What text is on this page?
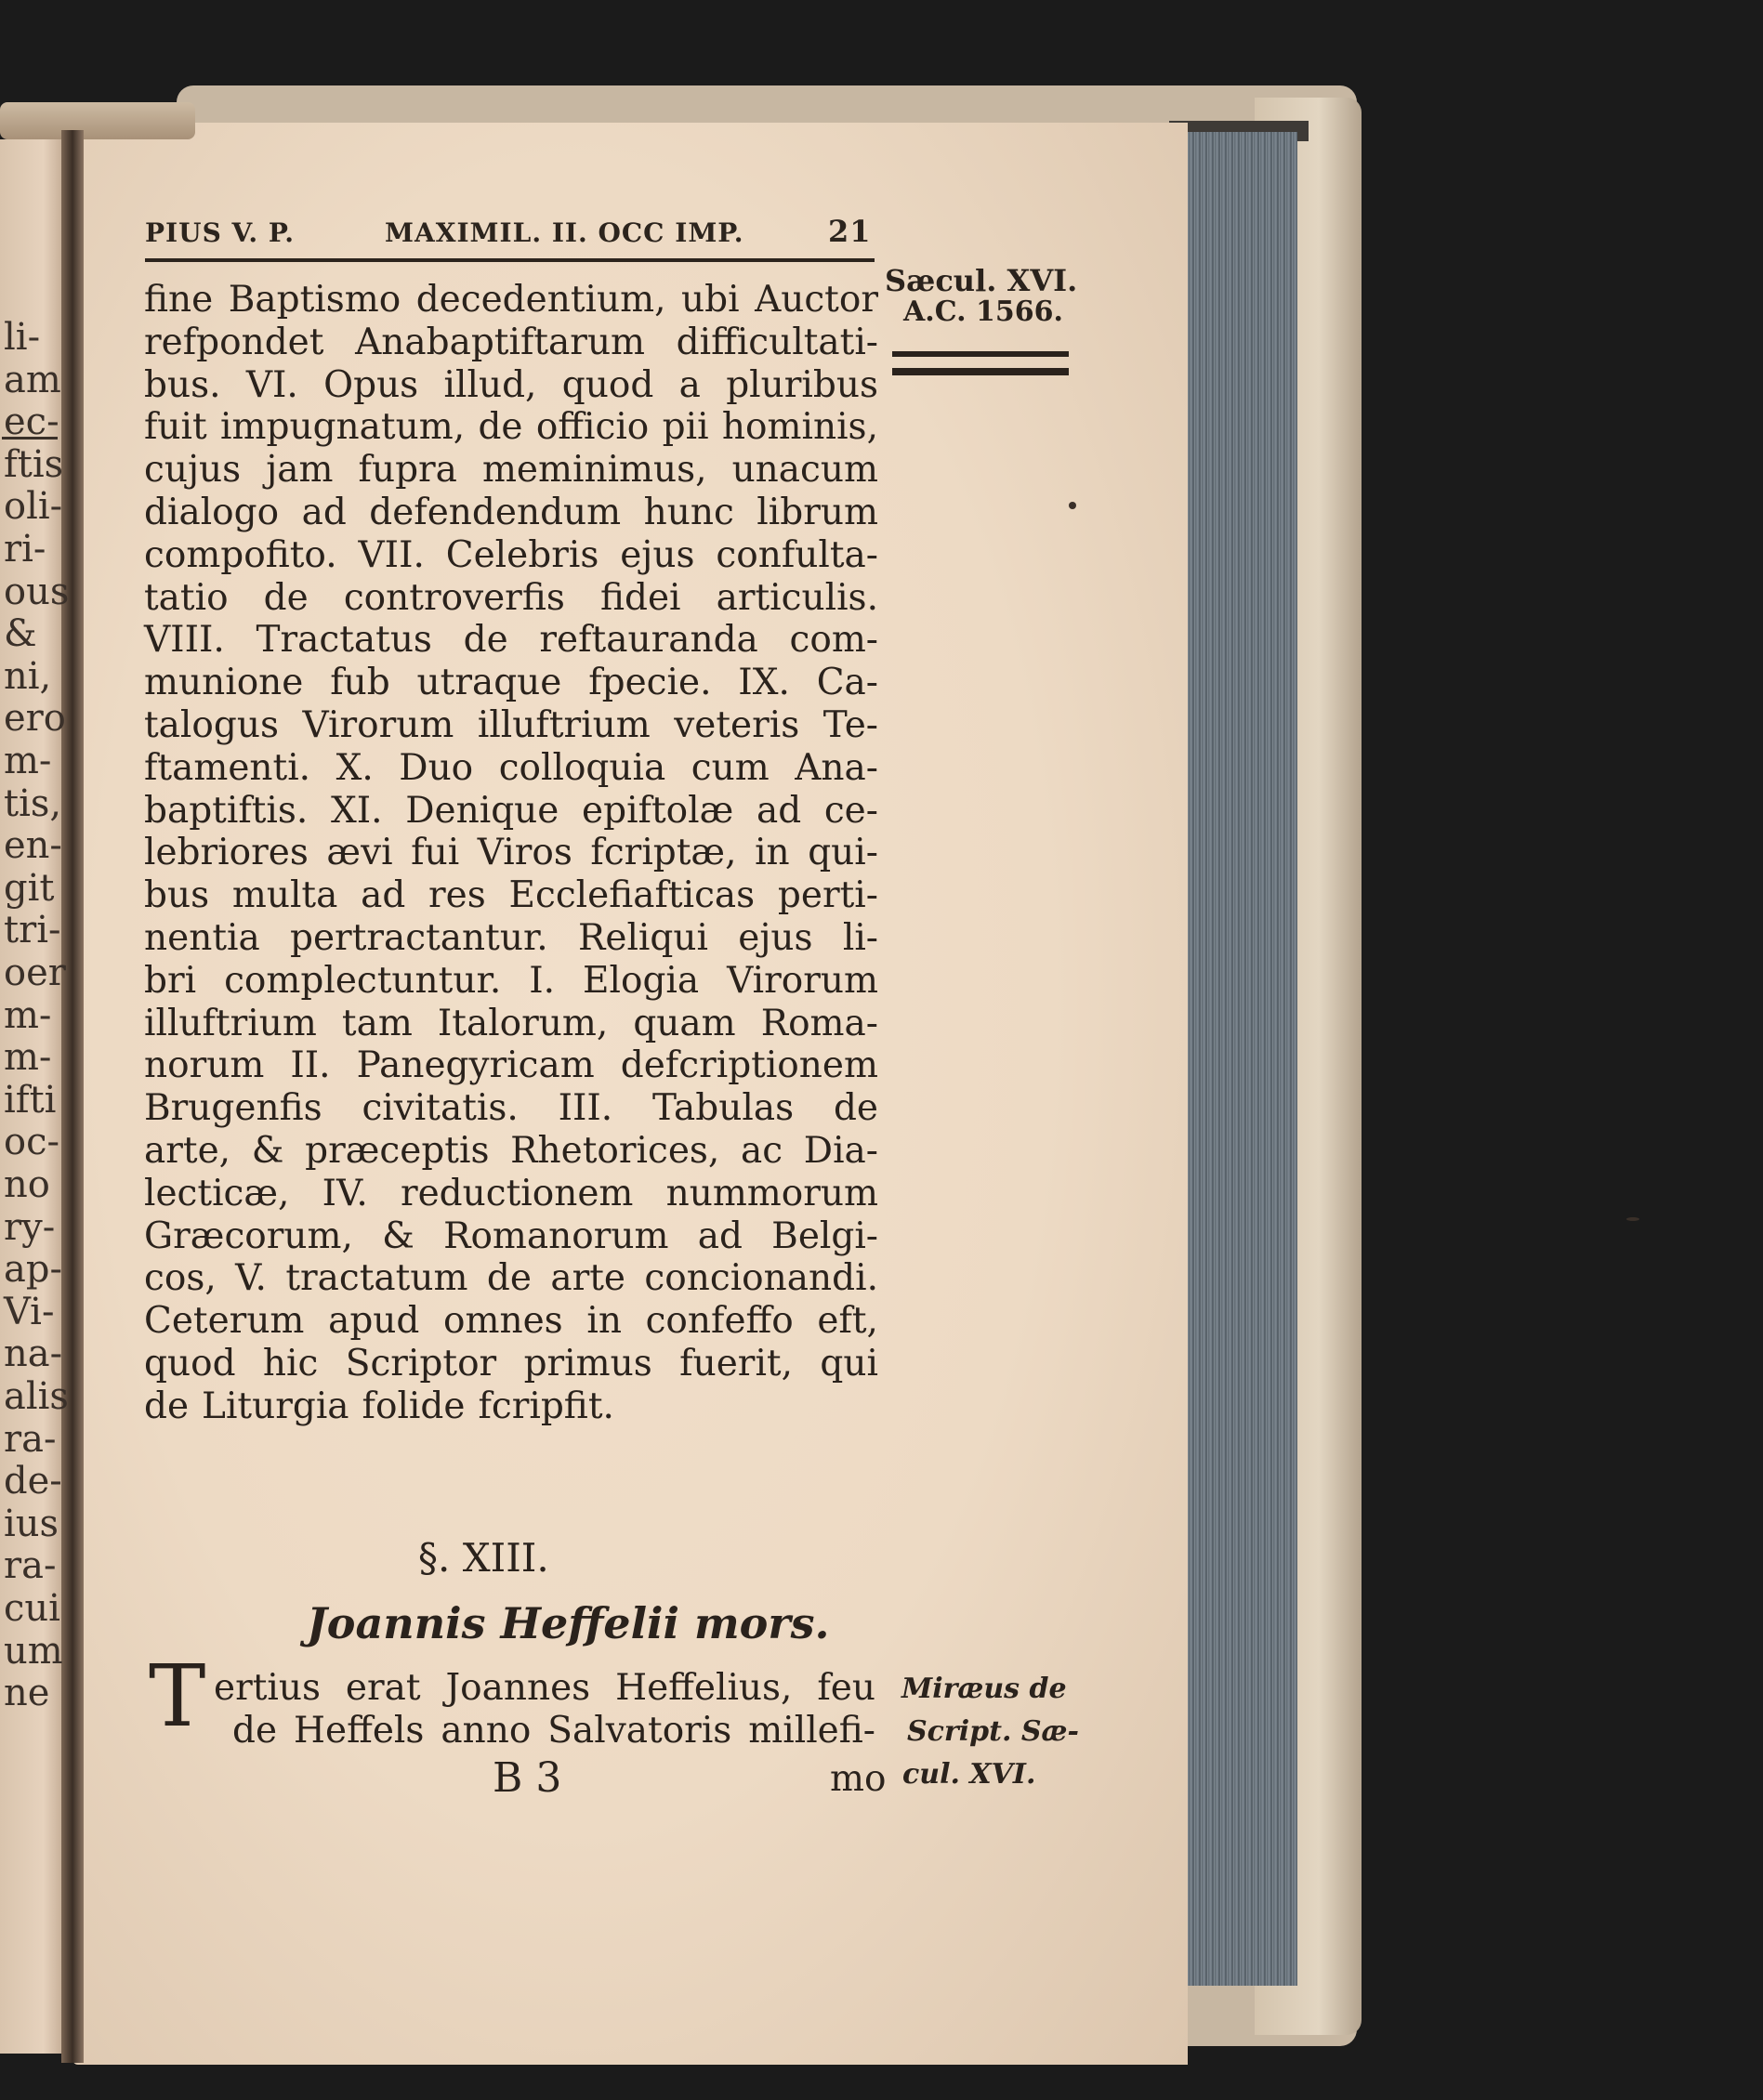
li-
am
ec-
ftis
oli-
ri-
ous
&
ni,
ero
m-
tis,
en-
git
tri-
oer
m-
m-
ifti
oc-
no
ry-
ap-
Vi-
na-
alis
ra-
de-
ius
ra-
cui
um
ne
PIUS V. P.	MAXIMIL. II. OCC IMP.	21
Sæcul. XVI.
A.C. 1566.
fine Baptismo decedentium, ubi Auctor
refpondet Anabaptiftarum difficultati-
bus. VI. Opus illud, quod a pluribus
fuit impugnatum, de officio pii hominis,
cujus jam fupra meminimus, unacum
dialogo ad defendendum hunc librum
compofito. VII. Celebris ejus confulta-
tatio de controverfis fidei articulis.
VIII. Tractatus de reftauranda com-
munione fub utraque fpecie. IX. Ca-
talogus Virorum illuftrium veteris Te-
ftamenti. X. Duo colloquia cum Ana-
baptiftis. XI. Denique epiftolæ ad ce-
lebriores ævi fui Viros fcriptæ, in qui-
bus multa ad res Ecclefiafticas perti-
nentia pertractantur. Reliqui ejus li-
bri complectuntur. I. Elogia Virorum
illuftrium tam Italorum, quam Roma-
norum II. Panegyricam defcriptionem
Brugenfis civitatis. III. Tabulas de
arte, & præceptis Rhetorices, ac Dia-
lecticæ, IV. reductionem nummorum
Græcorum, & Romanorum ad Belgi-
cos, V. tractatum de arte concionandi.
Ceterum apud omnes in confeffo eft,
quod hic Scriptor primus fuerit, qui
de Liturgia folide fcripfit.
§. XIII.
Joannis Heffelii mors.
T ertius erat Joannes Heffelius, feu
de Heffels anno Salvatoris millefi-
B 3	mo
Miræus de
Script. Sæ-
cul. XVI.
